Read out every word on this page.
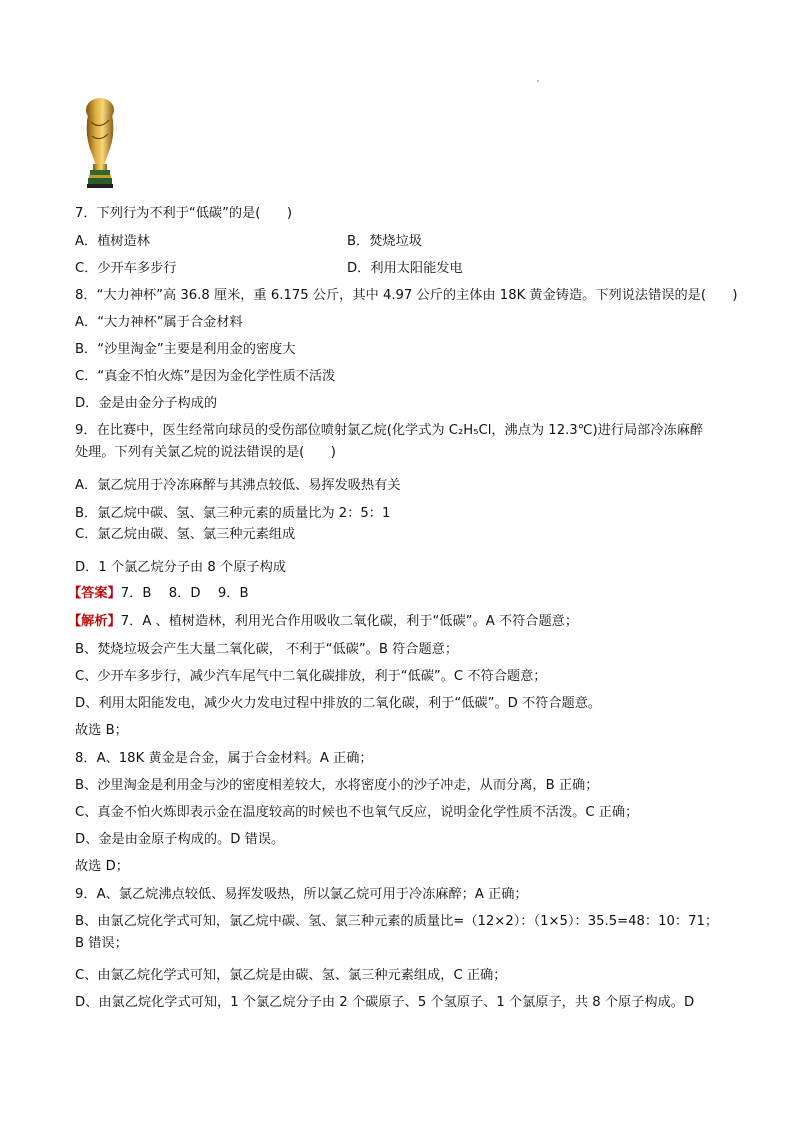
7．下列行为不利于“低碳”的是(　　)
A．植树造林	B．焚烧垃圾
C．少开车多步行	D．利用太阳能发电
8．“大力神杯”高 36.8 厘米，重 6.175 公斤，其中 4.97 公斤的主体由 18K 黄金铸造。下列说法错误的是(　　)
A．“大力神杯”属于合金材料
B．“沙里淘金”主要是利用金的密度大
C．“真金不怕火炼”是因为金化学性质不活泼
D．金是由金分子构成的
9．在比赛中，医生经常向球员的受伤部位喷射氯乙烷(化学式为 C₂H₅Cl，沸点为 12.3℃)进行局部冷冻麻醉
处理。下列有关氯乙烷的说法错误的是(　　)
A．氯乙烷用于冷冻麻醉与其沸点较低、易挥发吸热有关
B．氯乙烷中碳、氢、氯三种元素的质量比为 2：5：1
C．氯乙烷由碳、氢、氯三种元素组成
D．1 个氯乙烷分子由 8 个原子构成
【答案】7．B　 8．D　 9．B
【解析】7．A 、植树造林，利用光合作用吸收二氧化碳，利于“低碳”。A 不符合题意；
B、焚烧垃圾会产生大量二氧化碳， 不利于“低碳”。B 符合题意；
C、少开车多步行，减少汽车尾气中二氧化碳排放，利于“低碳”。C 不符合题意；
D、利用太阳能发电，减少火力发电过程中排放的二氧化碳，利于“低碳”。D 不符合题意。
故选 B；
8．A、18K 黄金是合金，属于合金材料。A 正确；
B、沙里淘金是利用金与沙的密度相差较大，水将密度小的沙子冲走，从而分离，B 正确；
C、真金不怕火炼即表示金在温度较高的时候也不也氧气反应，说明金化学性质不活泼。C 正确；
D、金是由金原子构成的。D 错误。
故选 D；
9．A、氯乙烷沸点较低、易挥发吸热，所以氯乙烷可用于冷冻麻醉；A 正确；
B、由氯乙烷化学式可知，氯乙烷中碳、氢、氯三种元素的质量比=（12×2）：（1×5）：35.5=48：10：71；
B 错误；
C、由氯乙烷化学式可知，氯乙烷是由碳、氢、氯三种元素组成，C 正确；
D、由氯乙烷化学式可知，1 个氯乙烷分子由 2 个碳原子、5 个氢原子、1 个氯原子，共 8 个原子构成。D
